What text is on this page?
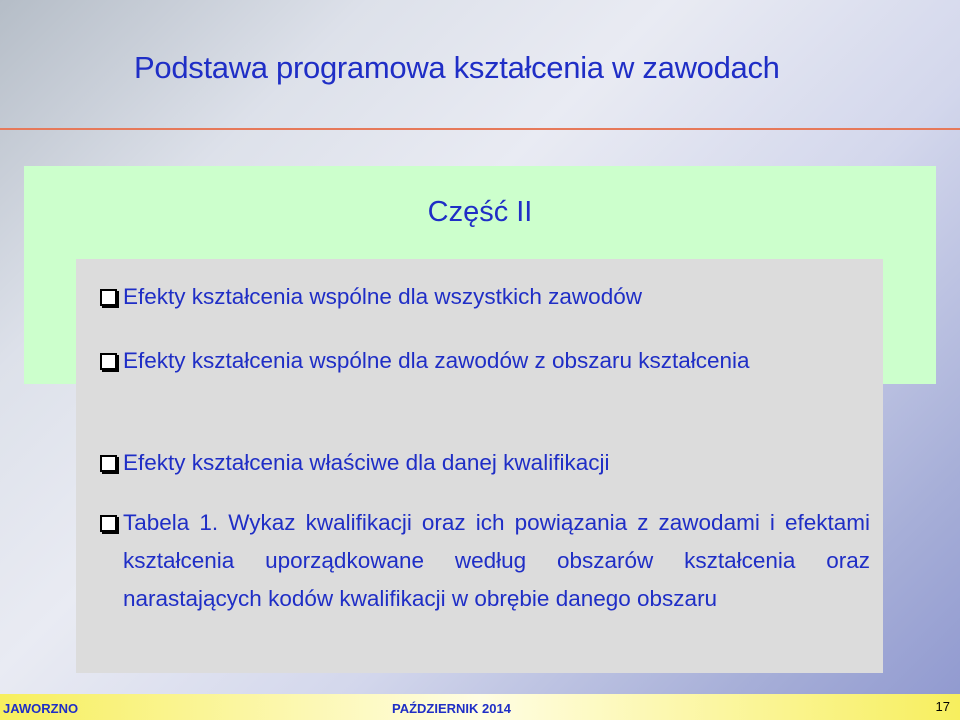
Podstawa programowa kształcenia w zawodach
Część II
Efekty kształcenia wspólne dla wszystkich zawodów
Efekty kształcenia wspólne dla zawodów z obszaru kształcenia
Efekty kształcenia właściwe dla danej kwalifikacji
Tabela 1. Wykaz kwalifikacji oraz ich powiązania z zawodami i efektami kształcenia uporządkowane według obszarów kształcenia oraz narastających kodów kwalifikacji w obrębie danego obszaru
JAWORZNO	PAŹDZIERNIK 2014	17
